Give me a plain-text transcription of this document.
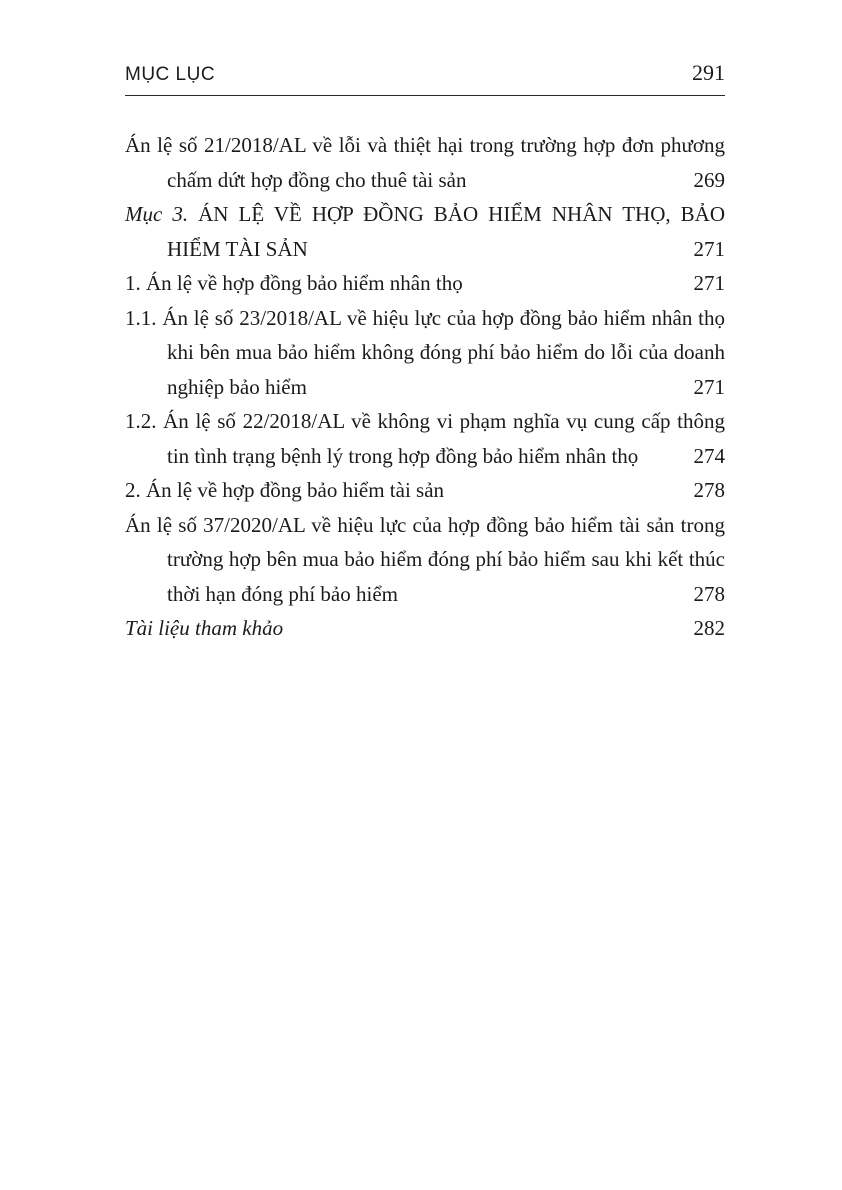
MỤC LỤC	291
Án lệ số 21/2018/AL về lỗi và thiệt hại trong trường hợp đơn phương chấm dứt hợp đồng cho thuê tài sản	269
Mục 3. ÁN LỆ VỀ HỢP ĐỒNG BẢO HIỂM NHÂN THỌ, BẢO HIỂM TÀI SẢN	271
1. Án lệ về hợp đồng bảo hiểm nhân thọ	271
1.1. Án lệ số 23/2018/AL về hiệu lực của hợp đồng bảo hiểm nhân thọ khi bên mua bảo hiểm không đóng phí bảo hiểm do lỗi của doanh nghiệp bảo hiểm	271
1.2. Án lệ số 22/2018/AL về không vi phạm nghĩa vụ cung cấp thông tin tình trạng bệnh lý trong hợp đồng bảo hiểm nhân thọ	274
2. Án lệ về hợp đồng bảo hiểm tài sản	278
Án lệ số 37/2020/AL về hiệu lực của hợp đồng bảo hiểm tài sản trong trường hợp bên mua bảo hiểm đóng phí bảo hiểm sau khi kết thúc thời hạn đóng phí bảo hiểm	278
Tài liệu tham khảo	282
